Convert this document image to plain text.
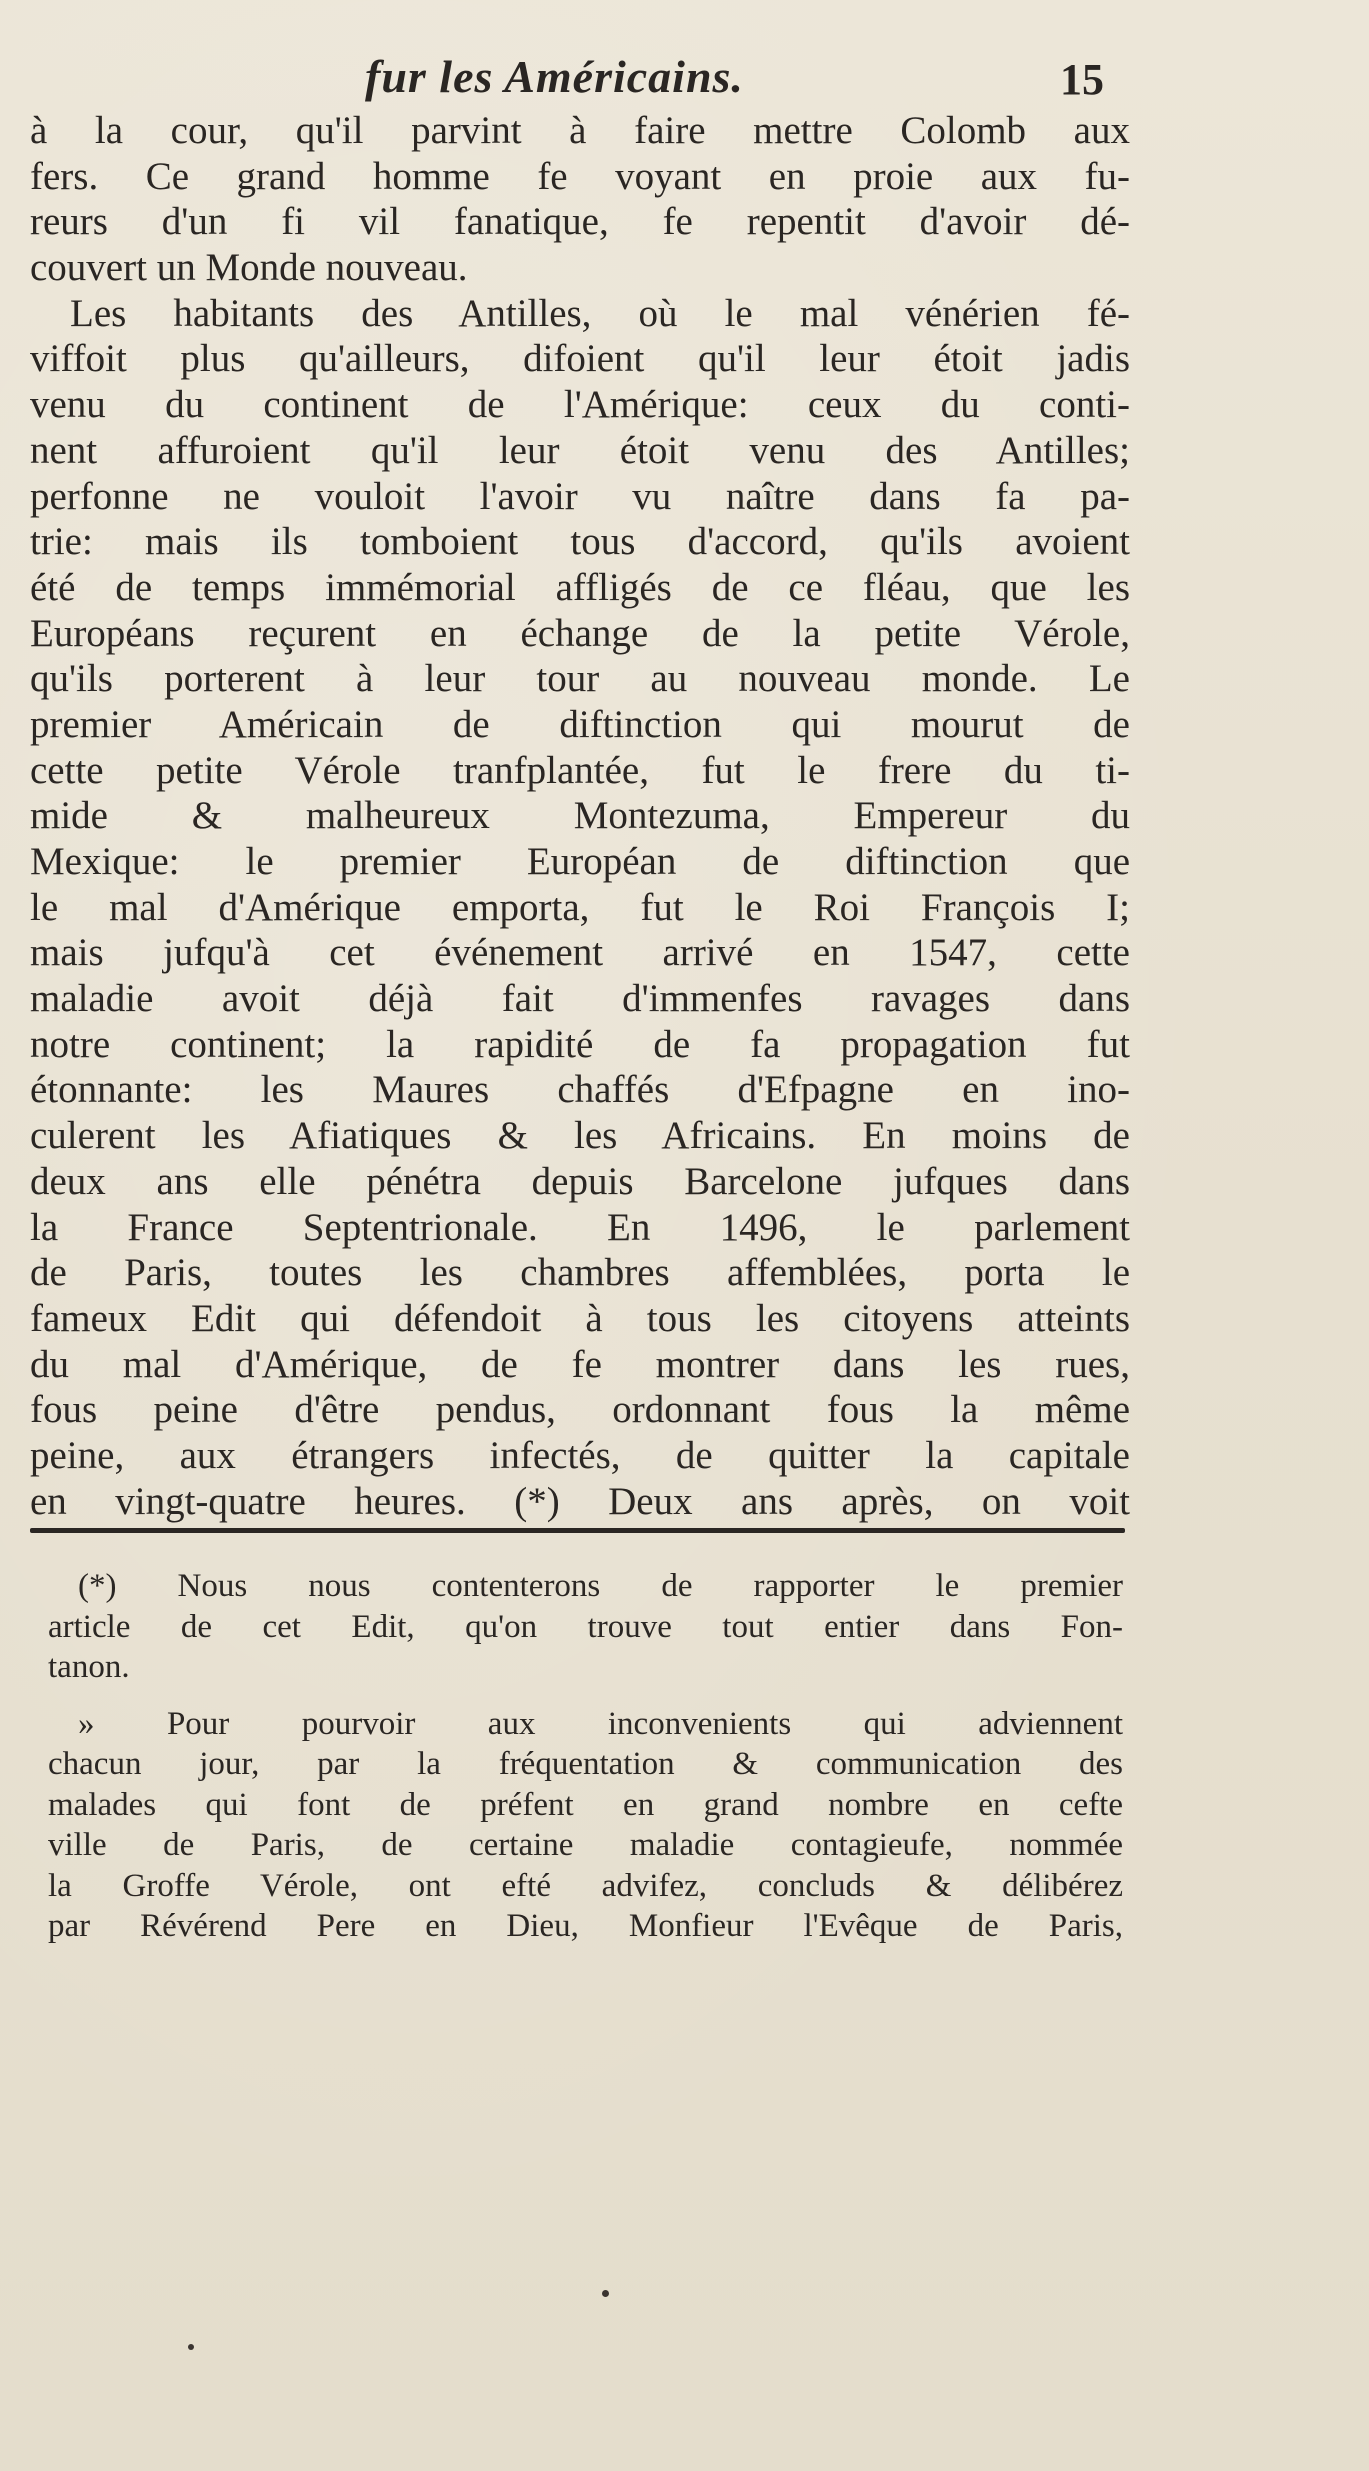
fur les Américains.	15
à la cour, qu'il parvint à faire mettre Colomb aux
fers. Ce grand homme fe voyant en proie aux fu-
reurs d'un fi vil fanatique, fe repentit d'avoir dé-
couvert un Monde nouveau.
Les habitants des Antilles, où le mal vénérien fé-
viffoit plus qu'ailleurs, difoient qu'il leur étoit jadis
venu du continent de l'Amérique: ceux du conti-
nent affuroient qu'il leur étoit venu des Antilles;
perfonne ne vouloit l'avoir vu naître dans fa pa-
trie: mais ils tomboient tous d'accord, qu'ils avoient
été de temps immémorial affligés de ce fléau, que les
Européans reçurent en échange de la petite Vérole,
qu'ils porterent à leur tour au nouveau monde. Le
premier Américain de diftinction qui mourut de
cette petite Vérole tranfplantée, fut le frere du ti-
mide & malheureux Montezuma, Empereur du
Mexique: le premier Européan de diftinction que
le mal d'Amérique emporta, fut le Roi François I;
mais jufqu'à cet événement arrivé en 1547, cette
maladie avoit déjà fait d'immenfes ravages dans
notre continent; la rapidité de fa propagation fut
étonnante: les Maures chaffés d'Efpagne en ino-
culerent les Afiatiques & les Africains. En moins de
deux ans elle pénétra depuis Barcelone jufques dans
la France Septentrionale. En 1496, le parlement
de Paris, toutes les chambres affemblées, porta le
fameux Edit qui défendoit à tous les citoyens atteints
du mal d'Amérique, de fe montrer dans les rues,
fous peine d'être pendus, ordonnant fous la même
peine, aux étrangers infectés, de quitter la capitale
en vingt-quatre heures. (*) Deux ans après, on voit
(*) Nous nous contenterons de rapporter le premier
article de cet Edit, qu'on trouve tout entier dans Fon-
tanon.
» Pour pourvoir aux inconvenients qui adviennent
chacun jour, par la fréquentation & communication des
malades qui font de préfent en grand nombre en cefte
ville de Paris, de certaine maladie contagieufe, nommée
la Groffe Vérole, ont efté advifez, concluds & délibérez
par Révérend Pere en Dieu, Monfieur l'Evêque de Paris,
